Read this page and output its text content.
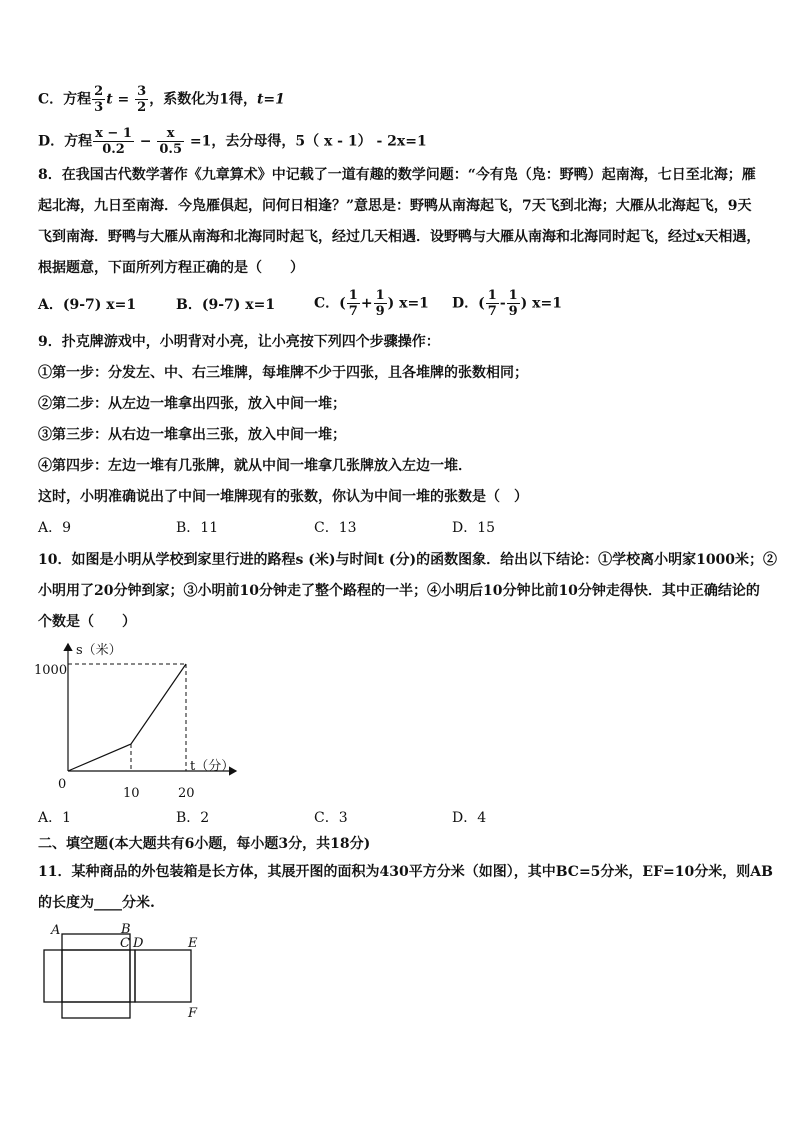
C．方程 $\frac{2}{3}$ $t = \frac{3}{2}$ ，系数化为1得，t=1
D．方程 $\frac{x - 1}{0.2} - \frac{x}{0.5} =1$，去分母得，5（ x - 1） - 2x=1
8．在我国古代数学著作《九章算术》中记载了一道有趣的数学问题：“今有凫（凫：野鸭）起南海，七日至北海；雁
起北海，九日至南海．今凫雁俱起，问何日相逢？”意思是：野鸭从南海起飞，7天飞到北海；大雁从北海起飞，9天
飞到南海．野鸭与大雁从南海和北海同时起飞，经过几天相遇．设野鸭与大雁从南海和北海同时起飞，经过x天相遇，
根据题意，下面所列方程正确的是（　　）
A．(9-7) x=1	B．(9-7) x=1	C．( $\frac{1}{7} + \frac{1}{9}$ ) x=1 D．( $\frac{1}{7} - \frac{1}{9}$ ) x=1
9．扑克牌游戏中，小明背对小亮，让小亮按下列四个步骤操作：
①第一步：分发左、中、右三堆牌，每堆牌不少于四张，且各堆牌的张数相同；
②第二步：从左边一堆拿出四张，放入中间一堆；
③第三步：从右边一堆拿出三张，放入中间一堆；
④第四步：左边一堆有几张牌，就从中间一堆拿几张牌放入左边一堆．
这时，小明准确说出了中间一堆牌现有的张数，你认为中间一堆的张数是（　）
A．9	B．11	C．13	D．15
10．如图是小明从学校到家里行进的路程s (米)与时间t (分)的函数图象．给出以下结论：①学校离小明家1000米；②
小明用了20分钟到家；③小明前10分钟走了整个路程的一半；④小明后10分钟比前10分钟走得快．其中正确结论的
个数是（　　）
s（米）
1000
0
10	20
t（分）
A．1	B．2	C．3	D．4
二、填空题(本大题共有6小题，每小题3分，共18分)
11．某种商品的外包装箱是长方体，其展开图的面积为430平方分米（如图），其中BC=5分米，EF=10分米，则AB
的长度为____分米.
A	B
C D	E
F
